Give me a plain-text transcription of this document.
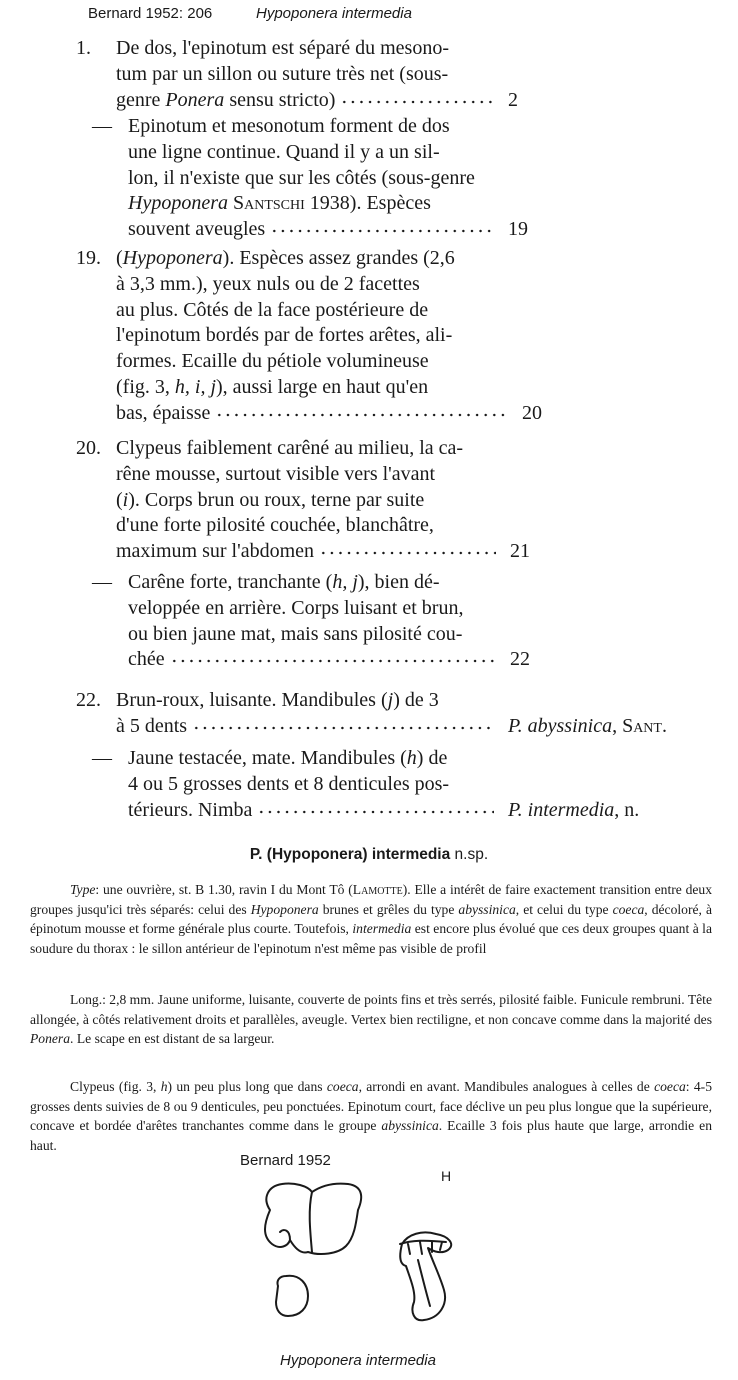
Bernard 1952: 206	Hypoponera intermedia
1. De dos, l'epinotum est séparé du mesono-
tum par un sillon ou suture très net (sous-
genre Ponera sensu stricto)	2
— Epinotum et mesonotum forment de dos
une ligne continue. Quand il y a un sil-
lon, il n'existe que sur les côtés (sous-genre
Hypoponera Santschi 1938). Espèces
souvent aveugles	19
19. (Hypoponera). Espèces assez grandes (2,6
à 3,3 mm.), yeux nuls ou de 2 facettes
au plus. Côtés de la face postérieure de
l'epinotum bordés par de fortes arêtes, ali-
formes. Ecaille du pétiole volumineuse
(fig. 3, h, i, j), aussi large en haut qu'en
bas, épaisse	20
20. Clypeus faiblement carêné au milieu, la ca-
rêne mousse, surtout visible vers l'avant
(i). Corps brun ou roux, terne par suite
d'une forte pilosité couchée, blanchâtre,
maximum sur l'abdomen	21
— Carêne forte, tranchante (h, j), bien dé-
veloppée en arrière. Corps luisant et brun,
ou bien jaune mat, mais sans pilosité cou-
chée	22
22. Brun-roux, luisante. Mandibules (j) de 3
à 5 dents	P. abyssinica, Sant.
— Jaune testacée, mate. Mandibules (h) de
4 ou 5 grosses dents et 8 denticules pos-
térieurs. Nimba	P. intermedia, n.
P. (Hypoponera) intermedia n.sp.

Type: une ouvrière, st. B 1.30, ravin I du Mont Tô (Lamotte). Elle a intérêt de faire exactement transition entre deux groupes jusqu'ici très séparés: celui des Hypoponera brunes et grêles du type abyssinica, et celui du type coeca, décoloré, à épinotum mousse et forme générale plus courte. Toutefois, intermedia est encore plus évolué que ces deux groupes quant à la soudure du thorax : le sillon antérieur de l'epinotum n'est même pas visible de profil

Long.: 2,8 mm. Jaune uniforme, luisante, couverte de points fins et très serrés, pilosité faible. Funicule rembruni. Tête allongée, à côtés relativement droits et parallèles, aveugle. Vertex bien rectiligne, et non concave comme dans la majorité des Ponera. Le scape en est distant de sa largeur.

Clypeus (fig. 3, h) un peu plus long que dans coeca, arrondi en avant. Mandibules analogues à celles de coeca: 4-5 grosses dents suivies de 8 ou 9 denticules, peu ponctuées. Epinotum court, face déclive un peu plus longue que la supérieure, concave et bordée d'arêtes tranchantes comme dans le groupe abyssinica. Ecaille 3 fois plus haute que large, arrondie en haut.

Bernard 1952
H
Hypoponera intermedia
